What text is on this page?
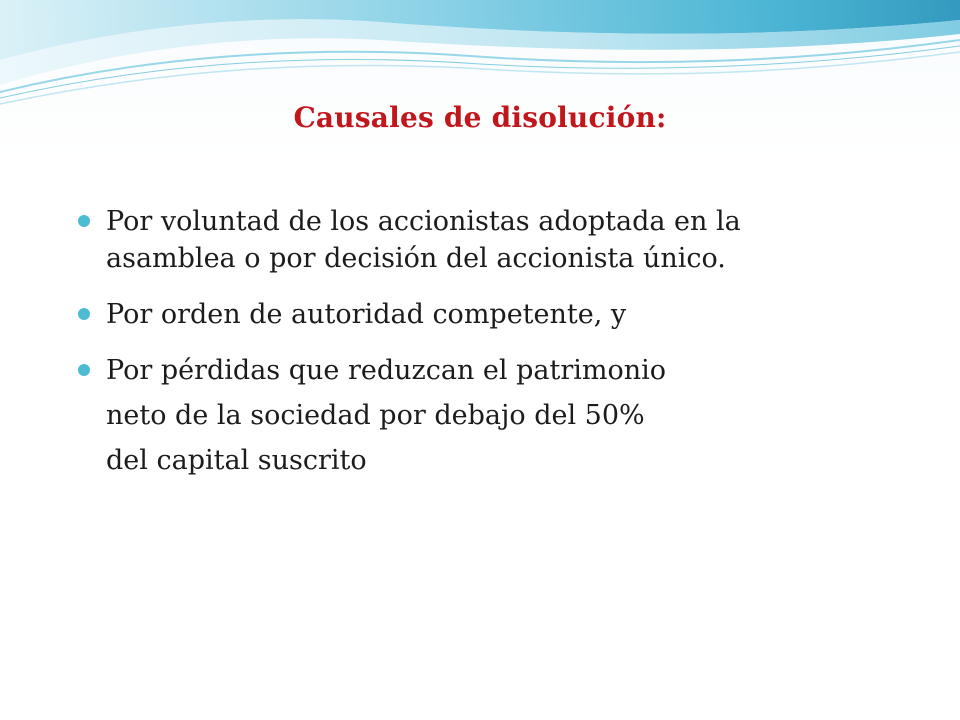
Causales de disolución:
Por voluntad de los accionistas adoptada en la
asamblea o por decisión del accionista único.
Por orden de autoridad competente, y
Por pérdidas que reduzcan el patrimonio
neto de la sociedad por debajo del 50%
del capital suscrito
